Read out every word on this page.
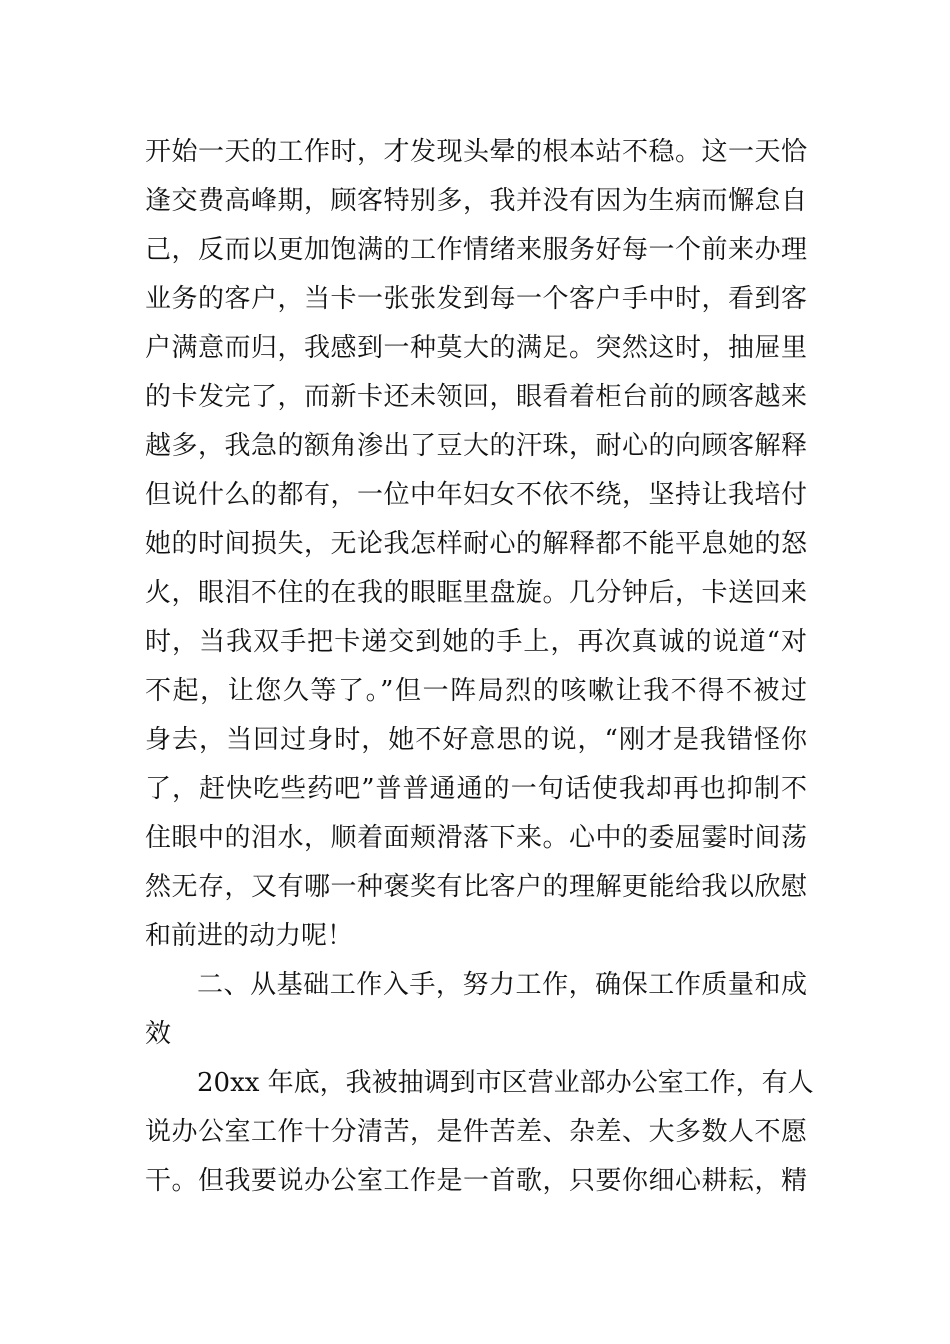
开始一天的工作时，才发现头晕的根本站不稳。这一天恰
逢交费高峰期，顾客特别多，我并没有因为生病而懈怠自
己，反而以更加饱满的工作情绪来服务好每一个前来办理
业务的客户，当卡一张张发到每一个客户手中时，看到客
户满意而归，我感到一种莫大的满足。突然这时，抽屉里
的卡发完了，而新卡还未领回，眼看着柜台前的顾客越来
越多，我急的额角渗出了豆大的汗珠，耐心的向顾客解释
但说什么的都有，一位中年妇女不依不绕，坚持让我培付
她的时间损失，无论我怎样耐心的解释都不能平息她的怒
火，眼泪不住的在我的眼眶里盘旋。几分钟后，卡送回来
时，当我双手把卡递交到她的手上，再次真诚的说道“对
不起，让您久等了。”但一阵局烈的咳嗽让我不得不被过
身去，当回过身时，她不好意思的说，“刚才是我错怪你
了，赶快吃些药吧”普普通通的一句话使我却再也抑制不
住眼中的泪水，顺着面颊滑落下来。心中的委屈霎时间荡
然无存，又有哪一种褒奖有比客户的理解更能给我以欣慰
和前进的动力呢！
二、从基础工作入手，努力工作，确保工作质量和成
效
20xx 年底，我被抽调到市区营业部办公室工作，有人
说办公室工作十分清苦，是件苦差、杂差、大多数人不愿
干。但我要说办公室工作是一首歌，只要你细心耕耘，精
